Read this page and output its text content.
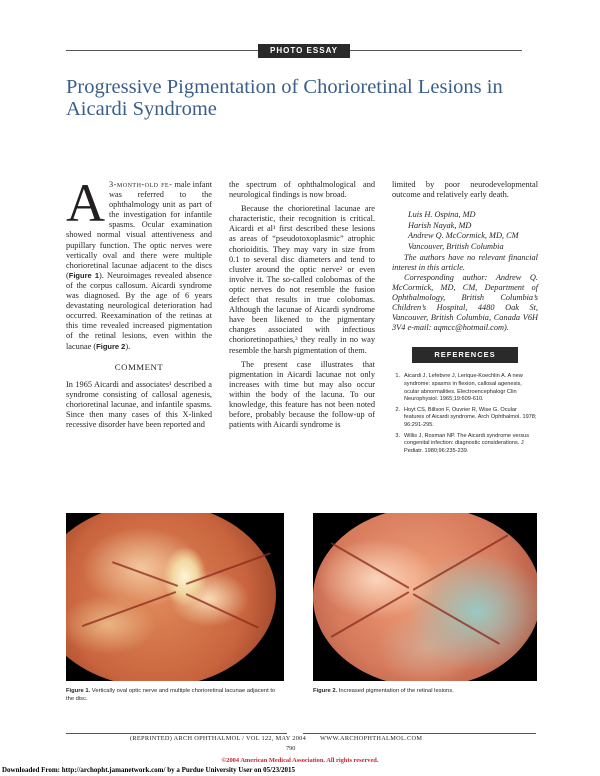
PHOTO ESSAY
Progressive Pigmentation of Chorioretinal Lesions in Aicardi Syndrome

A 3-month-old fe- male infant was referred to the ophthalmology unit as part of the investigation for infantile spasms. Ocular examination showed normal visual attentiveness and pupillary function. The optic nerves were vertically oval and there were multiple chorioretinal lacunae adjacent to the discs (Figure 1). Neuroimages revealed absence of the corpus callosum. Aicardi syndrome was diagnosed. By the age of 6 years devastating neurological deterioration had occurred. Reexamination of the retinas at this time revealed increased pigmentation of the retinal lesions, even within the lacunae (Figure 2).

COMMENT

In 1965 Aicardi and associates¹ described a syndrome consisting of callosal agenesis, chorioretinal lacunae, and infantile spasms. Since then many cases of this X-linked recessive disorder have been reported and

the spectrum of ophthalmological and neurological findings is now broad.

Because the chorioretinal lacunae are characteristic, their recognition is critical. Aicardi et al¹ first described these lesions as areas of “pseudotoxoplasmic” atrophic chorioiditis. They may vary in size from 0.1 to several disc diameters and tend to cluster around the optic nerve² or even involve it. The so-called colobomas of the optic nerves do not resemble the fusion defect that results in true colobomas. Although the lacunae of Aicardi syndrome have been likened to the pigmentary changes associated with infectious chorioretinopathies,³ they really in no way resemble the harsh pigmentation of them.

The present case illustrates that pigmentation in Aicardi lacunae not only increases with time but may also occur within the body of the lacuna. To our knowledge, this feature has not been noted before, probably because the follow-up of patients with Aicardi syndrome is

limited by poor neurodevelopmental outcome and relatively early death.

Luis H. Ospina, MD
Harish Nayak, MD
Andrew Q. McCormick, MD, CM
Vancouver, British Columbia

The authors have no relevant financial interest in this article.

Corresponding author: Andrew Q. McCormick, MD, CM, Department of Ophthalmology, British Columbia’s Children’s Hospital, 4480 Oak St, Vancouver, British Columbia, Canada V6H 3V4 e-mail: aqmcc@hotmail.com).

REFERENCES
1. Aicardi J, Lefebvre J, Lerique-Koechlin A. A new syndrome: spasms in flexion, callosal agenesis, ocular abnormalities. Electroencephalogr Clin Neurophysiol. 1965;19:609-610.
2. Hoyt CS, Billson F, Ouvrier R, Wise G. Ocular features of Aicardi syndrome. Arch Ophthalmol. 1978; 96:291-295.
3. Willis J, Rosman NP. The Aicardi syndrome versus congenital infection: diagnostic considerations. J Pediatr. 1980;96:235-239.
Figure 1. Vertically oval optic nerve and multiple chorioretinal lacunae adjacent to the disc.
Figure 2. Increased pigmentation of the retinal lesions.
(REPRINTED) ARCH OPHTHALMOL / VOL 122, MAY 2004 WWW.ARCHOPHTHALMOL.COM
790
©2004 American Medical Association. All rights reserved.
Downloaded From: http://archopht.jamanetwork.com/ by a Purdue University User on 05/23/2015
